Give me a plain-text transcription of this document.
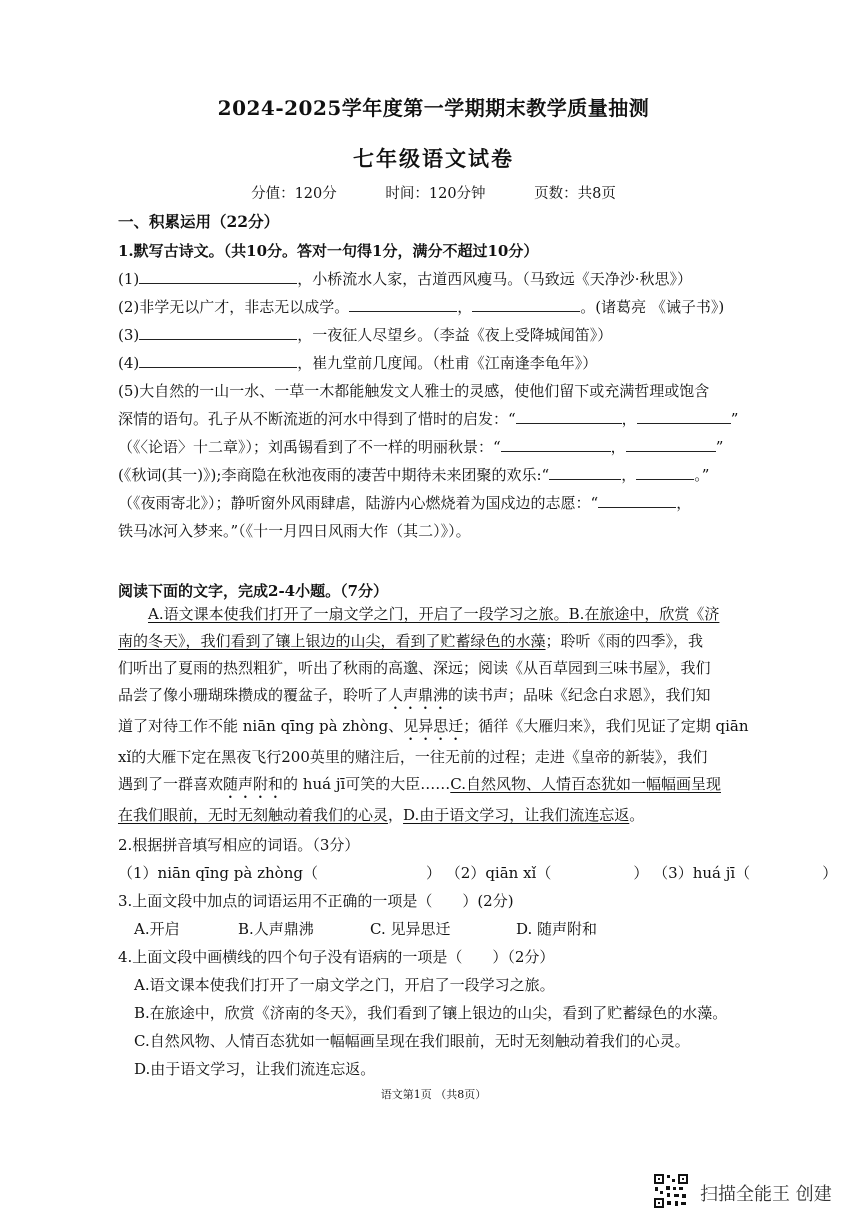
2024-2025学年度第一学期期末教学质量抽测
七年级语文试卷
分值：120分	时间：120分钟	页数：共8页
一、积累运用（22分）
1.默写古诗文。（共10分。答对一句得1分，满分不超过10分）
(1)	，小桥流水人家，古道西风瘦马。（马致远《天净沙·秋思》）
(2)非学无以广才，非志无以成学。	，	。(诸葛亮 《诫子书》)
(3)	，一夜征人尽望乡。（李益《夜上受降城闻笛》）
(4)	，崔九堂前几度闻。（杜甫《江南逢李龟年》）
(5)大自然的一山一水、一草一木都能触发文人雅士的灵感，使他们留下或充满哲理或饱含
深情的语句。孔子从不断流逝的河水中得到了惜时的启发：“	，	”
（《〈论语〉十二章》）；刘禹锡看到了不一样的明丽秋景：“	，	”
(《秋词(其一)》);李商隐在秋池夜雨的凄苦中期待未来团聚的欢乐:“	，	。”
（《夜雨寄北》）；静听窗外风雨肆虐，陆游内心燃烧着为国戍边的志愿：“	，
铁马冰河入梦来。”（《十一月四日风雨大作（其二）》）。
阅读下面的文字，完成2-4小题。（7分）

A.语文课本使我们打开了一扇文学之门，开启了一段学习之旅。B.在旅途中，欣赏《济

南的冬天》，我们看到了镶上银边的山尖，看到了贮蓄绿色的水藻；聆听《雨的四季》，我

们听出了夏雨的热烈粗犷，听出了秋雨的高邈、深远；阅读《从百草园到三味书屋》，我们

品尝了像小珊瑚珠攒成的覆盆子，聆听了人声鼎沸的读书声；品味《纪念白求恩》，我们知

道了对待工作不能 niān qīng pà zhòng、见异思迁；循徉《大雁归来》，我们见证了定期 qiān

xǐ的大雁下定在黑夜飞行200英里的赌注后，一往无前的过程；走进《皇帝的新装》，我们

遇到了一群喜欢随声附和的 huá jī可笑的大臣……C.自然风物、人情百态犹如一幅幅画呈现

在我们眼前，无时无刻触动着我们的心灵，D.由于语文学习，让我们流连忘返。

2.根据拼音填写相应的词语。（3分）
（1）niān qīng pà zhòng（	） （2）qiān xǐ（	） （3）huá jī（	）
3.上面文段中加点的词语运用不正确的一项是（　　）(2分)
A.开启	B.人声鼎沸	C. 见异思迁	D. 随声附和
4.上面文段中画横线的四个句子没有语病的一项是（　　）（2分）
A.语文课本使我们打开了一扇文学之门，开启了一段学习之旅。
B.在旅途中，欣赏《济南的冬天》，我们看到了镶上银边的山尖，看到了贮蓄绿色的水藻。
C.自然风物、人情百态犹如一幅幅画呈现在我们眼前，无时无刻触动着我们的心灵。
D.由于语文学习，让我们流连忘返。
语文第1页 （共8页）
扫描全能王 创建
